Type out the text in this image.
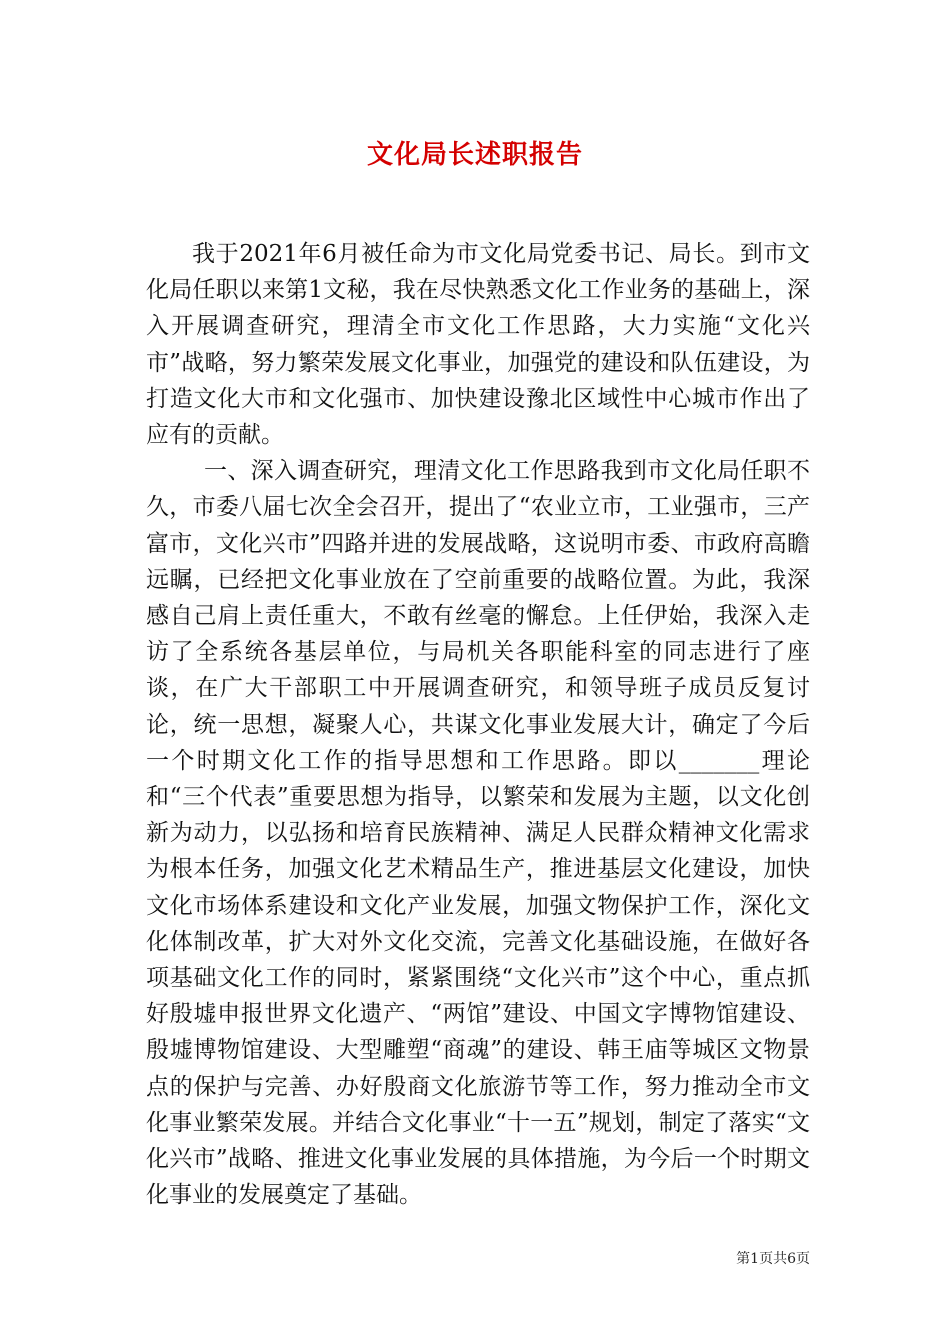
文化局长述职报告

我于2021年6月被任命为市文化局党委书记、局长。到市文化局任职以来第1文秘，我在尽快熟悉文化工作业务的基础上，深入开展调查研究，理清全市文化工作思路，大力实施“文化兴市”战略，努力繁荣发展文化事业，加强党的建设和队伍建设，为打造文化大市和文化强市、加快建设豫北区域性中心城市作出了应有的贡献。

一、深入调查研究，理清文化工作思路我到市文化局任职不久，市委八届七次全会召开，提出了“农业立市，工业强市，三产富市，文化兴市”四路并进的发展战略，这说明市委、市政府高瞻远瞩，已经把文化事业放在了空前重要的战略位置。为此，我深感自己肩上责任重大，不敢有丝毫的懈怠。上任伊始，我深入走访了全系统各基层单位，与局机关各职能科室的同志进行了座谈，在广大干部职工中开展调查研究，和领导班子成员反复讨论，统一思想，凝聚人心，共谋文化事业发展大计，确定了今后一个时期文化工作的指导思想和工作思路。即以_______理论和“三个代表”重要思想为指导，以繁荣和发展为主题，以文化创新为动力，以弘扬和培育民族精神、满足人民群众精神文化需求为根本任务，加强文化艺术精品生产，推进基层文化建设，加快文化市场体系建设和文化产业发展，加强文物保护工作，深化文化体制改革，扩大对外文化交流，完善文化基础设施，在做好各项基础文化工作的同时，紧紧围绕“文化兴市”这个中心，重点抓好殷墟申报世界文化遗产、“两馆”建设、中国文字博物馆建设、殷墟博物馆建设、大型雕塑“商魂”的建设、韩王庙等城区文物景点的保护与完善、办好殷商文化旅游节等工作，努力推动全市文化事业繁荣发展。并结合文化事业“十一五”规划，制定了落实“文化兴市”战略、推进文化事业发展的具体措施，为今后一个时期文化事业的发展奠定了基础。

第1页共6页
